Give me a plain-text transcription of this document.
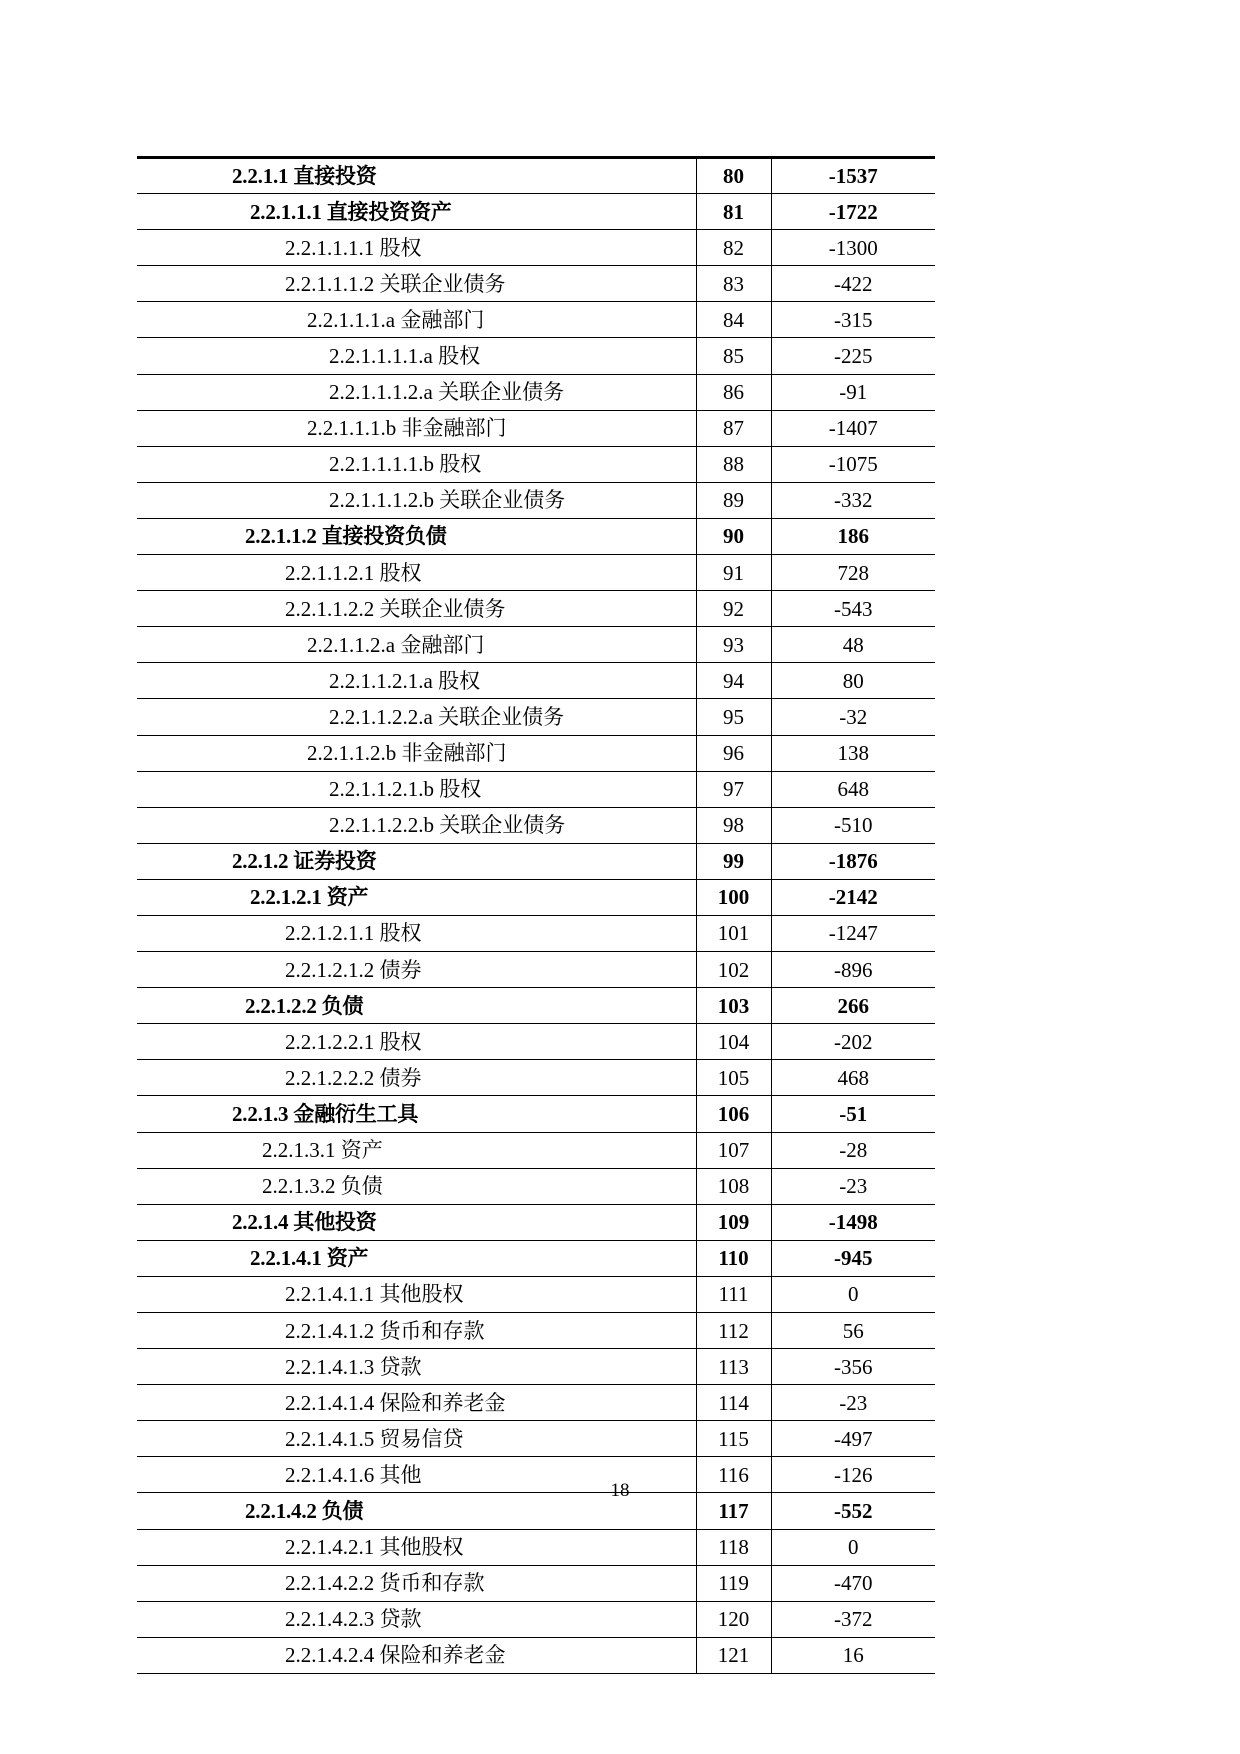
2.2.1.1 直接投资	80	-1537
2.2.1.1.1 直接投资资产	81	-1722
2.2.1.1.1.1 股权	82	-1300
2.2.1.1.1.2 关联企业债务	83	-422
2.2.1.1.1.a 金融部门	84	-315
2.2.1.1.1.1.a 股权	85	-225
2.2.1.1.1.2.a 关联企业债务	86	-91
2.2.1.1.1.b 非金融部门	87	-1407
2.2.1.1.1.1.b 股权	88	-1075
2.2.1.1.1.2.b 关联企业债务	89	-332
2.2.1.1.2 直接投资负债	90	186
2.2.1.1.2.1 股权	91	728
2.2.1.1.2.2 关联企业债务	92	-543
2.2.1.1.2.a 金融部门	93	48
2.2.1.1.2.1.a 股权	94	80
2.2.1.1.2.2.a 关联企业债务	95	-32
2.2.1.1.2.b 非金融部门	96	138
2.2.1.1.2.1.b 股权	97	648
2.2.1.1.2.2.b 关联企业债务	98	-510
2.2.1.2 证券投资	99	-1876
2.2.1.2.1 资产	100	-2142
2.2.1.2.1.1 股权	101	-1247
2.2.1.2.1.2 债券	102	-896
2.2.1.2.2 负债	103	266
2.2.1.2.2.1 股权	104	-202
2.2.1.2.2.2 债券	105	468
2.2.1.3 金融衍生工具	106	-51
2.2.1.3.1 资产	107	-28
2.2.1.3.2 负债	108	-23
2.2.1.4 其他投资	109	-1498
2.2.1.4.1 资产	110	-945
2.2.1.4.1.1 其他股权	111	0
2.2.1.4.1.2 货币和存款	112	56
2.2.1.4.1.3 贷款	113	-356
2.2.1.4.1.4 保险和养老金	114	-23
2.2.1.4.1.5 贸易信贷	115	-497
2.2.1.4.1.6 其他	116	-126
2.2.1.4.2 负债	117	-552
2.2.1.4.2.1 其他股权	118	0
2.2.1.4.2.2 货币和存款	119	-470
2.2.1.4.2.3 贷款	120	-372
2.2.1.4.2.4 保险和养老金	121	16
18
